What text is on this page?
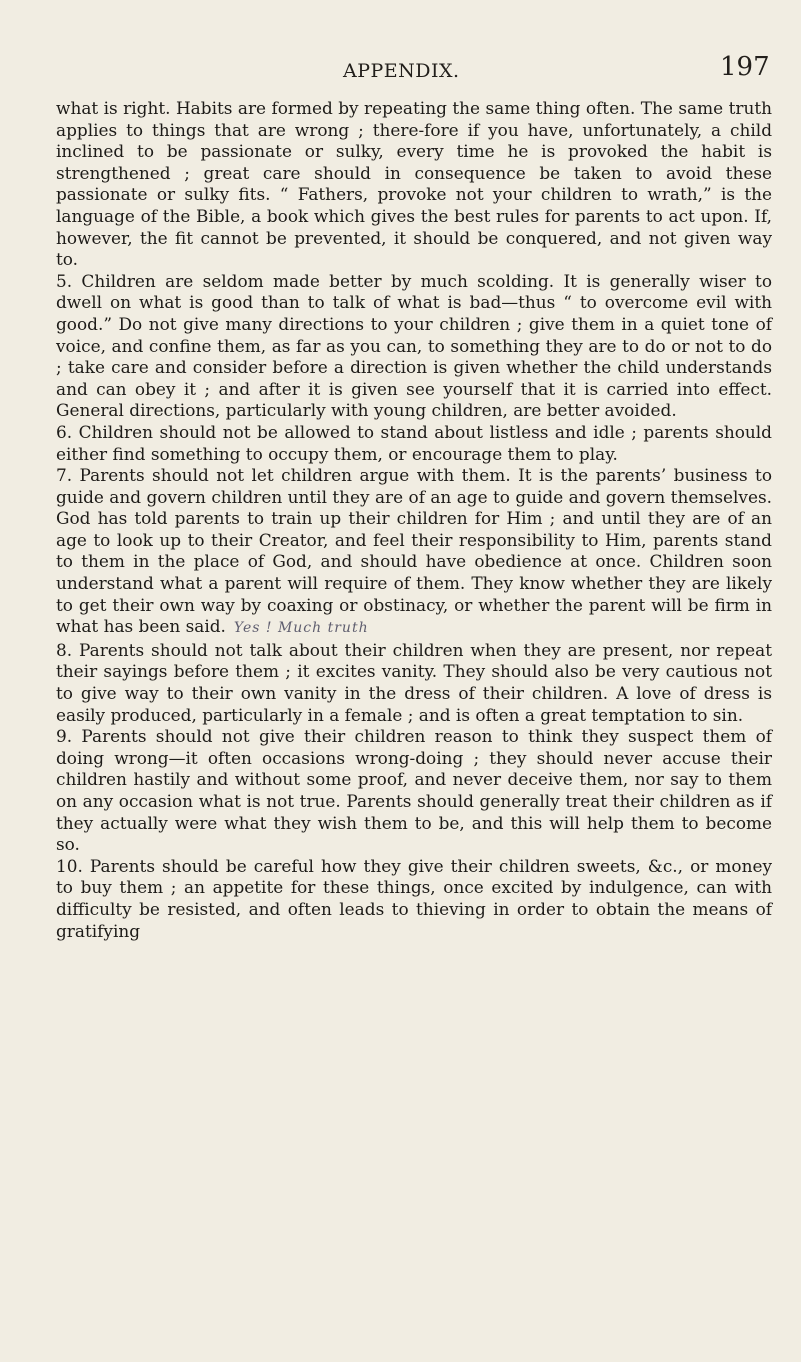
APPENDIX.	197

what is right. Habits are formed by repeating the same thing often. The same truth applies to things that are wrong ; there-fore if you have, unfortunately, a child inclined to be passionate or sulky, every time he is provoked the habit is strengthened ; great care should in consequence be taken to avoid these passionate or sulky fits. “ Fathers, provoke not your children to wrath,” is the language of the Bible, a book which gives the best rules for parents to act upon. If, however, the fit cannot be prevented, it should be conquered, and not given way to.

5. Children are seldom made better by much scolding. It is generally wiser to dwell on what is good than to talk of what is bad—thus “ to overcome evil with good.” Do not give many directions to your children ; give them in a quiet tone of voice, and confine them, as far as you can, to something they are to do or not to do ; take care and consider before a direction is given whether the child understands and can obey it ; and after it is given see yourself that it is carried into effect. General directions, particularly with young children, are better avoided.

6. Children should not be allowed to stand about listless and idle ; parents should either find something to occupy them, or encourage them to play.

7. Parents should not let children argue with them. It is the parents’ business to guide and govern children until they are of an age to guide and govern themselves. God has told parents to train up their children for Him ; and until they are of an age to look up to their Creator, and feel their responsibility to Him, parents stand to them in the place of God, and should have obedience at once. Children soon understand what a parent will require of them. They know whether they are likely to get their own way by coaxing or obstinacy, or whether the parent will be firm in what has been said. Yes ! Much truth

8. Parents should not talk about their children when they are present, nor repeat their sayings before them ; it excites vanity. They should also be very cautious not to give way to their own vanity in the dress of their children. A love of dress is easily produced, particularly in a female ; and is often a great temptation to sin.

9. Parents should not give their children reason to think they suspect them of doing wrong—it often occasions wrong-doing ; they should never accuse their children hastily and without some proof, and never deceive them, nor say to them on any occasion what is not true. Parents should generally treat their children as if they actually were what they wish them to be, and this will help them to become so.

10. Parents should be careful how they give their children sweets, &c., or money to buy them ; an appetite for these things, once excited by indulgence, can with difficulty be resisted, and often leads to thieving in order to obtain the means of gratifying
